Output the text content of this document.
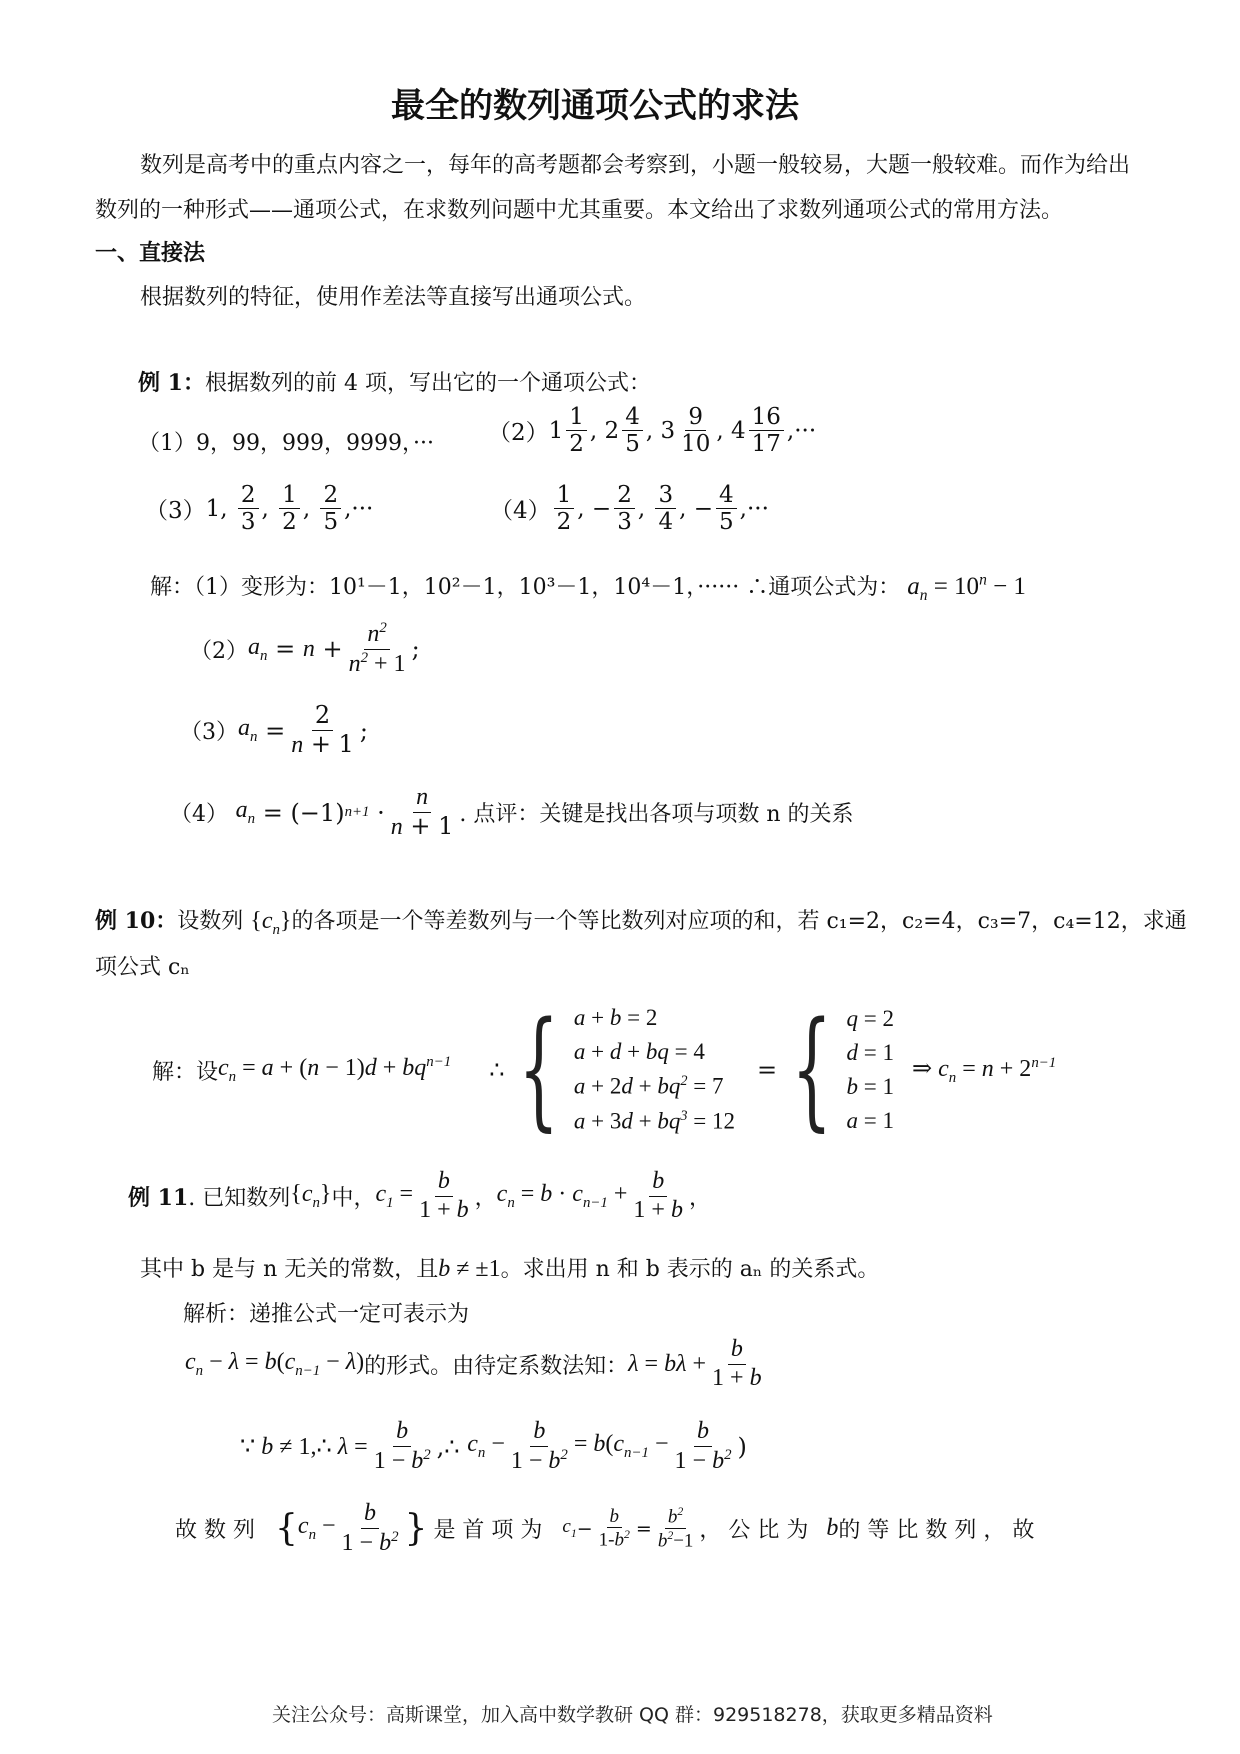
最全的数列通项公式的求法
数列是高考中的重点内容之一，每年的高考题都会考察到，小题一般较易，大题一般较难。而作为给出
数列的一种形式——通项公式，在求数列问题中尤其重要。本文给出了求数列通项公式的常用方法。
一、直接法
根据数列的特征，使用作差法等直接写出通项公式。
例 1：根据数列的前 4 项，写出它的一个通项公式：
（1）9，99，999，9999，··· （2） $1 \frac{1}{2}$ , $2 \frac{4}{5}$ , $3 \frac{9}{10}$ , $4 \frac{16}{17}$ ,···
（3） 1, $\frac{2}{3}$ , $\frac{1}{2}$ , $\frac{2}{5}$ ,···	$(4) \frac{1}{2}$ , − $\frac{2}{3}$ , $\frac{3}{4}$ , − $\frac{4}{5}$ ,···
解：（1）变形为：10¹－1，10²－1，10³－1，10⁴－1，······ ∴通项公式为： $a_n = 10^n - 1$
（2） $a_n$
=
$n + \frac{n^2}{n^2 + 1}$ ;
（3） $a_n = \frac{2}{n + 1}$ ;
（4）
$a_n = (-1) n+1 \cdot \frac{n}{n + 1}$ . 点评：关键是找出各项与项数 n 的关系
例 10：设数列 $\{c_n\}$的各项是一个等差数列与一个等比数列对应项的和，若 c₁=2，c₂=4，c₃=7，c₄=12，求通
项公式 cₙ
解：设 $c_n = a + (n - 1)d + bq^{n-1}$ ∴ { a + b = 2
a + d + bq = 4
$a + 2d + bq^2 = 7$
$a + 3d + bq^3 = 12$
= { q = 2
d = 1
b = 1
a = 1
⇒ $c_n = n + 2^{n-1}$
例 11 . 已知数列 $\{c_n\}$ 中， $c_1 = \frac{b}{1 + b}$ ， $c_n = b \cdot c_{n-1} + \frac{b}{1 + b}$ ，
其中 b 是与 n 无关的常数，且b ≠ ±1。求出用 n 和 b 表示的 aₙ 的关系式。
解析：递推公式一定可表示为
$c_n - \lambda = b(c_{n-1} - \lambda)$ 的形式。由待定系数法知： $\lambda = b\lambda + \frac{b}{1 + b}$
∵ b ≠ 1,∴ $\lambda = \frac{b}{1 - b^2}$ ,∴
$c_n - \frac{b}{1 - b^2} = b(c_{n-1} - \frac{b}{1 - b^2}$ )
故 数 列 { $c_n - \frac{b}{1 - b^2}$ } 是 首 项 为 $c_1 - \frac{b}{1-b^2} = \frac{b^2}{b^2-1}$ ， 公 比 为 b 的 等 比 数 列 ， 故
关注公众号：高斯课堂，加入高中数学教研 QQ 群：929518278，获取更多精品资料
